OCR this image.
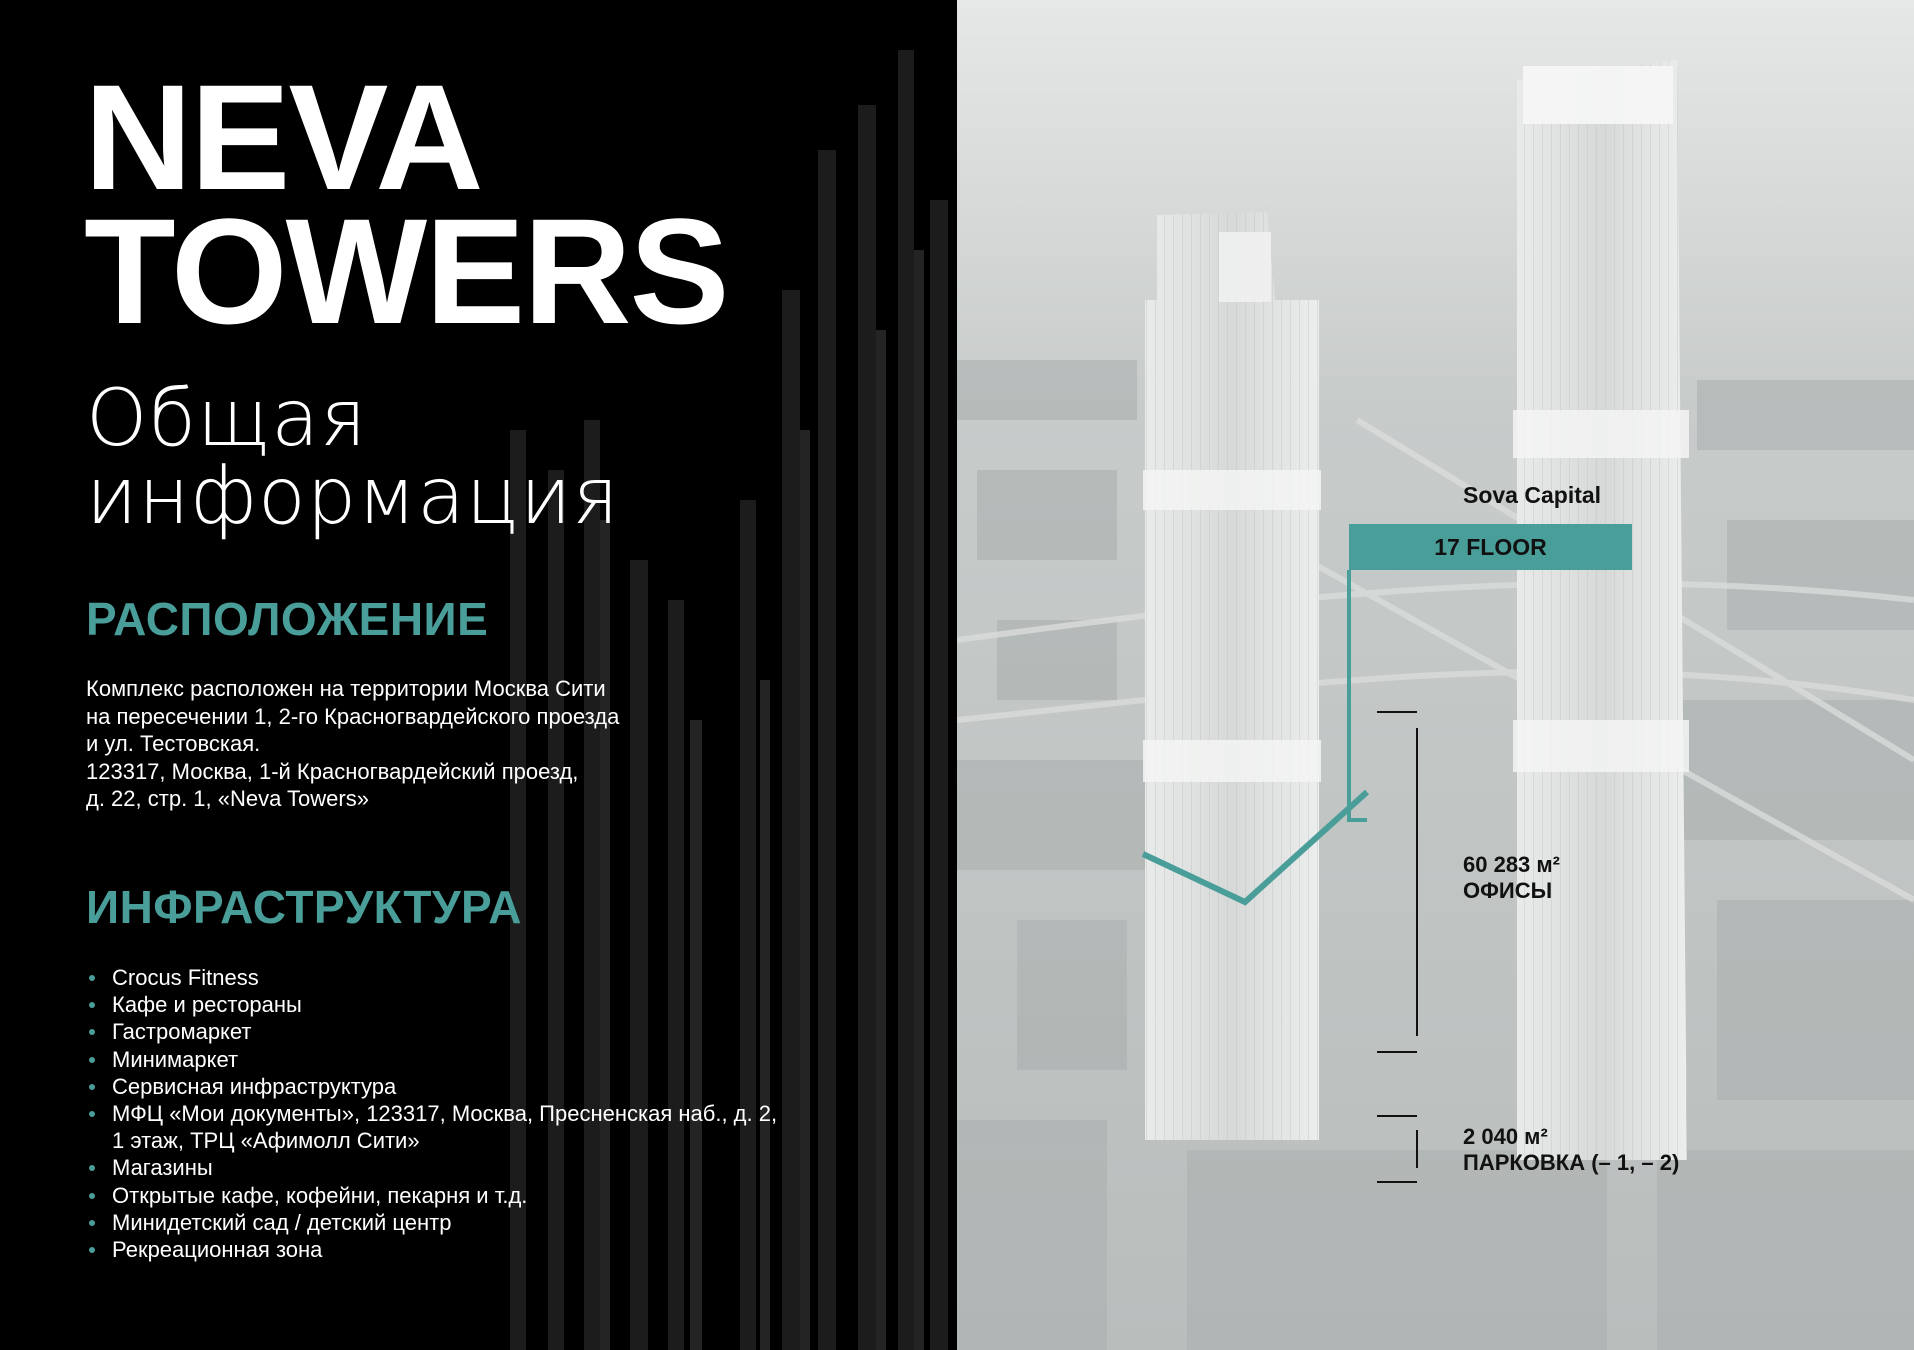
NEVA
TOWERS
Общая
информация
РАСПОЛОЖЕНИЕ
Комплекс расположен на территории Москва Сити
на пересечении 1, 2-го Красногвардейского проезда
и ул. Тестовская.
123317, Москва, 1-й Красногвардейский проезд,
д. 22, стр. 1, «Neva Towers»
ИНФРАСТРУКТУРА
Crocus Fitness
Кафе и рестораны
Гастромаркет
Минимаркет
Сервисная инфраструктура
МФЦ «Мои документы», 123317, Москва, Пресненская наб., д. 2,
1 этаж, ТРЦ «Афимолл Сити»
Магазины
Открытые кафе, кофейни, пекарня и т.д.
Минидетский сад / детский центр
Рекреационная зона
Sova Capital
17 FLOOR
60 283 м²
ОФИСЫ
2 040 м²
ПАРКОВКА (– 1, – 2)
